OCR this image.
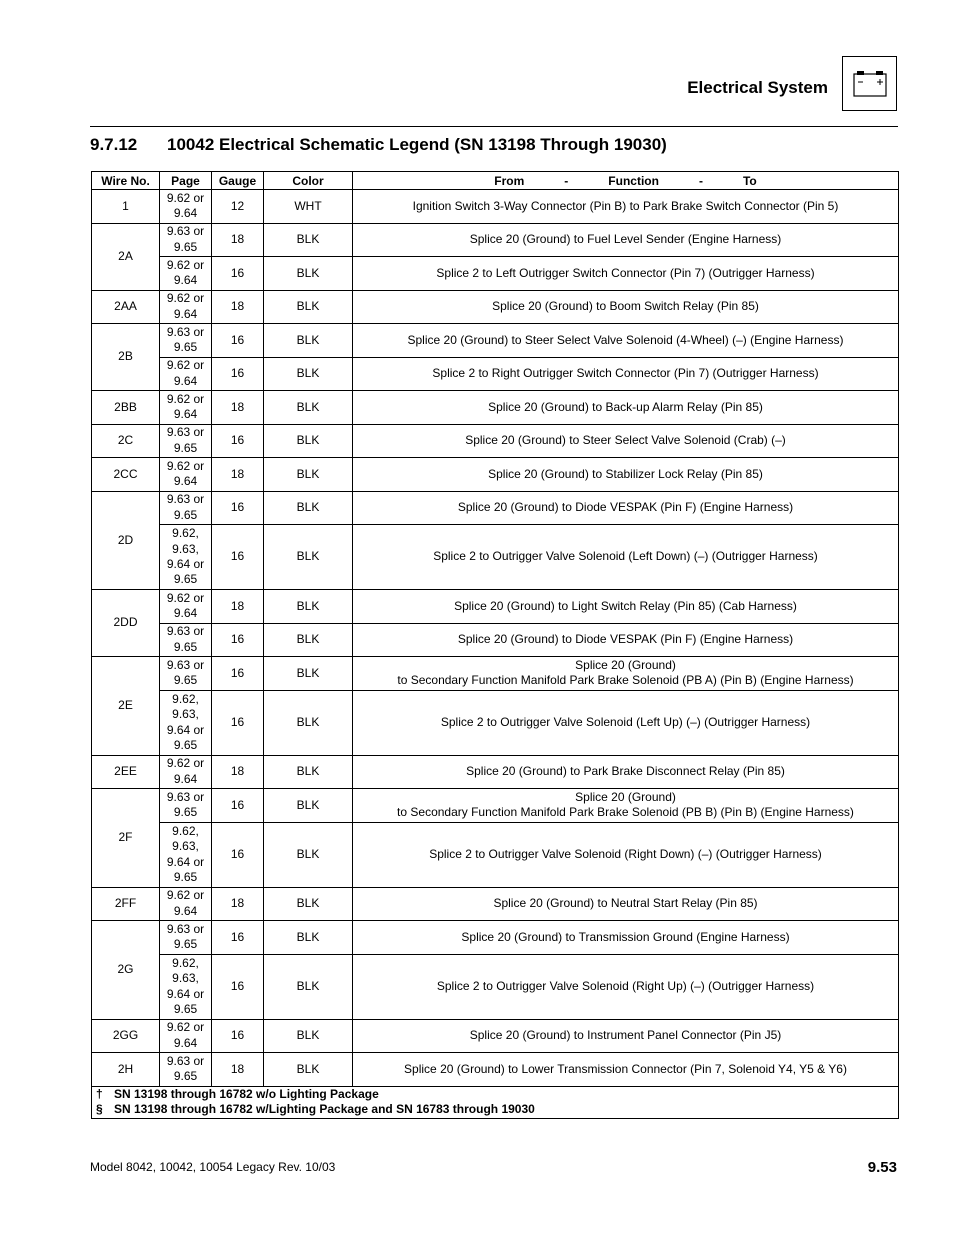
Electrical System
9.7.12 10042 Electrical Schematic Legend (SN 13198 Through 19030)
Wire No.	Page	Gauge	Color	From - Function - To

1	9.62 or 9.64	12	WHT	Ignition Switch 3-Way Connector (Pin B) to Park Brake Switch Connector (Pin 5)
2A	9.63 or 9.65	18	BLK	Splice 20 (Ground) to Fuel Level Sender (Engine Harness)
	9.62 or 9.64	16	BLK	Splice 2 to Left Outrigger Switch Connector (Pin 7) (Outrigger Harness)
2AA	9.62 or 9.64	18	BLK	Splice 20 (Ground) to Boom Switch Relay (Pin 85)
2B	9.63 or 9.65	16	BLK	Splice 20 (Ground) to Steer Select Valve Solenoid (4-Wheel) (–) (Engine Harness)
	9.62 or 9.64	16	BLK	Splice 2 to Right Outrigger Switch Connector (Pin 7) (Outrigger Harness)
2BB	9.62 or 9.64	18	BLK	Splice 20 (Ground) to Back-up Alarm Relay (Pin 85)
2C	9.63 or 9.65	16	BLK	Splice 20 (Ground) to Steer Select Valve Solenoid (Crab) (–)
2CC	9.62 or 9.64	18	BLK	Splice 20 (Ground) to Stabilizer Lock Relay (Pin 85)
2D	9.63 or 9.65	16	BLK	Splice 20 (Ground) to Diode VESPAK (Pin F) (Engine Harness)
	9.62, 9.63, 9.64 or 9.65	16	BLK	Splice 2 to Outrigger Valve Solenoid (Left Down) (–) (Outrigger Harness)
2DD	9.62 or 9.64	18	BLK	Splice 20 (Ground) to Light Switch Relay (Pin 85) (Cab Harness)
	9.63 or 9.65	16	BLK	Splice 20 (Ground) to Diode VESPAK (Pin F) (Engine Harness)
2E	9.63 or 9.65	16	BLK	Splice 20 (Ground)
to Secondary Function Manifold Park Brake Solenoid (PB A) (Pin B) (Engine Harness)
	9.62, 9.63, 9.64 or 9.65	16	BLK	Splice 2 to Outrigger Valve Solenoid (Left Up) (–) (Outrigger Harness)
2EE	9.62 or 9.64	18	BLK	Splice 20 (Ground) to Park Brake Disconnect Relay (Pin 85)
2F	9.63 or 9.65	16	BLK	Splice 20 (Ground)
to Secondary Function Manifold Park Brake Solenoid (PB B) (Pin B) (Engine Harness)
	9.62, 9.63, 9.64 or 9.65	16	BLK	Splice 2 to Outrigger Valve Solenoid (Right Down) (–) (Outrigger Harness)
2FF	9.62 or 9.64	18	BLK	Splice 20 (Ground) to Neutral Start Relay (Pin 85)
2G	9.63 or 9.65	16	BLK	Splice 20 (Ground) to Transmission Ground (Engine Harness)
	9.62, 9.63, 9.64 or 9.65	16	BLK	Splice 2 to Outrigger Valve Solenoid (Right Up) (–) (Outrigger Harness)
2GG	9.62 or 9.64	16	BLK	Splice 20 (Ground) to Instrument Panel Connector (Pin J5)
2H	9.63 or 9.65	18	BLK	Splice 20 (Ground) to Lower Transmission Connector (Pin 7, Solenoid Y4, Y5 & Y6)

† SN 13198 through 16782 w/o Lighting Package
§ SN 13198 through 16782 w/Lighting Package and SN 16783 through 19030				
Model 8042, 10042, 10054 Legacy Rev. 10/03	9.53
